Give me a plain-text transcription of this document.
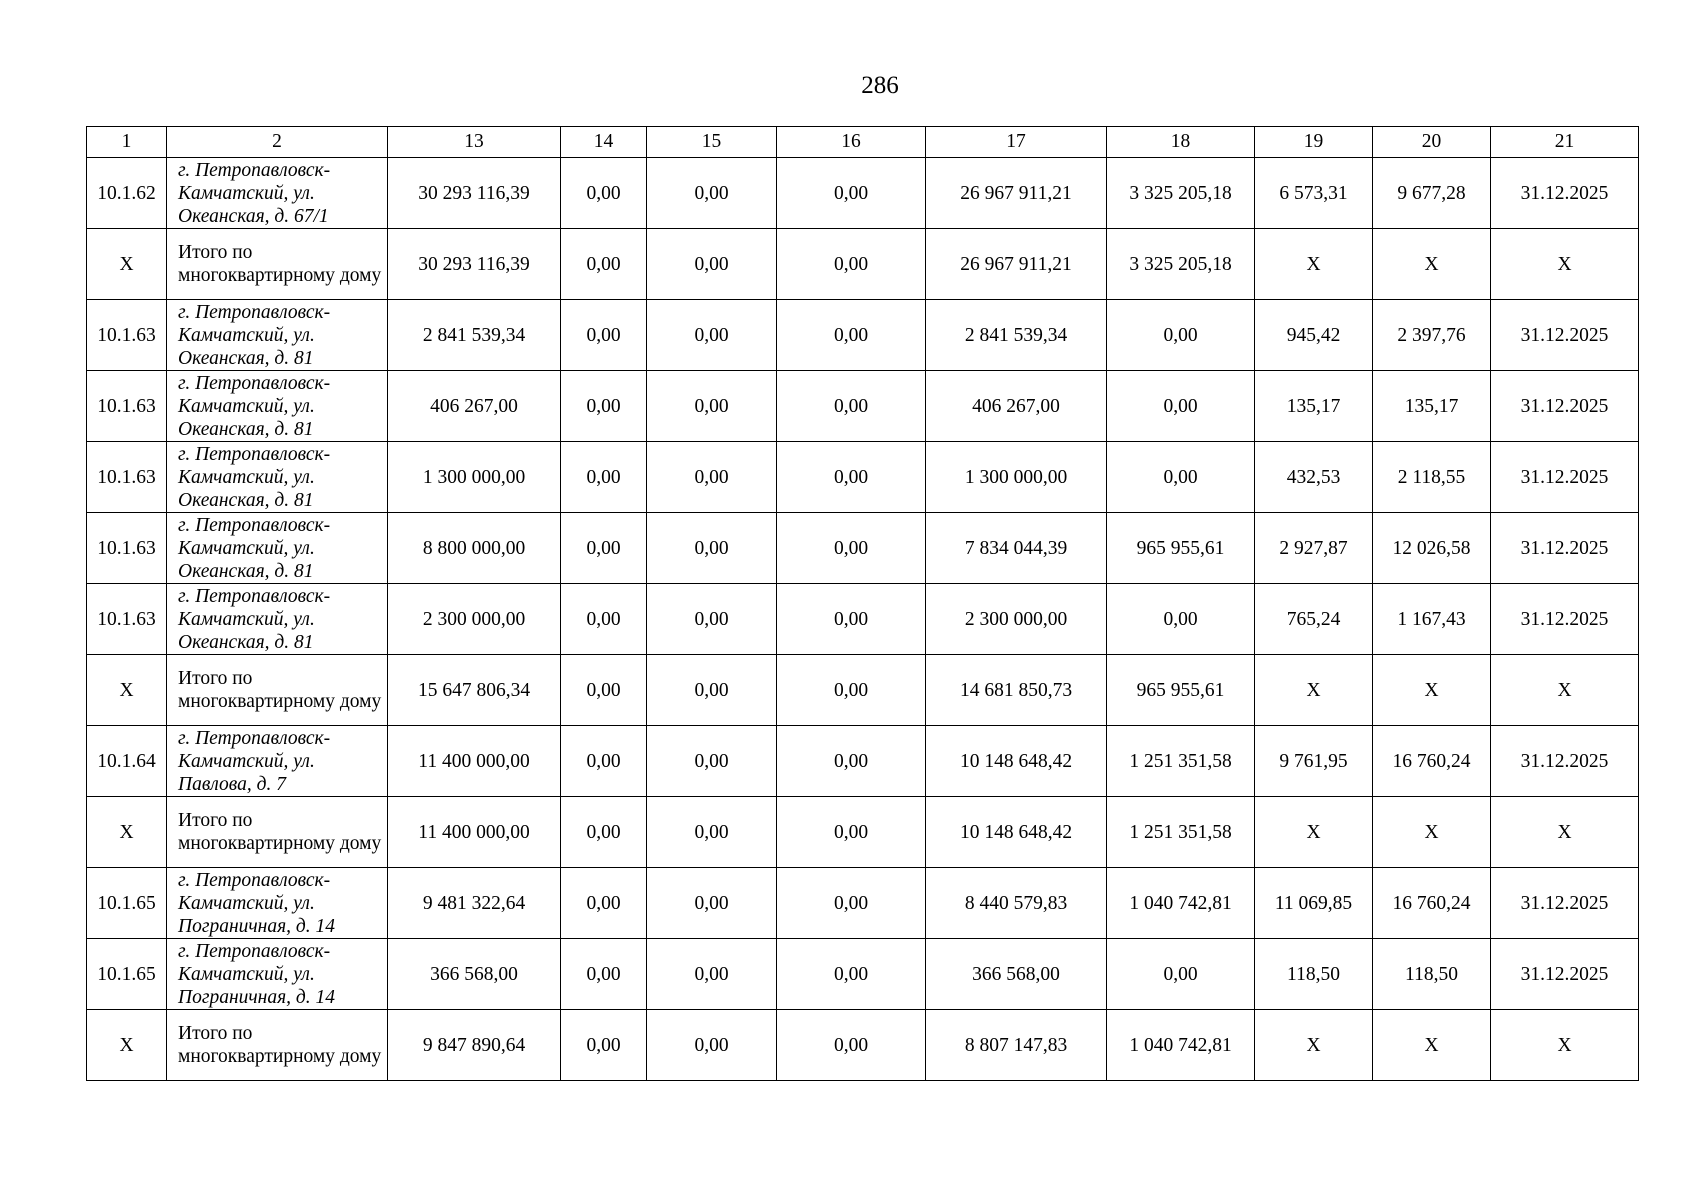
286
1	2	13	14	15	16	17	18	19	20	21
10.1.62	г. Петропавловск-Камчатский, ул. Океанская, д. 67/1	30 293 116,39	0,00	0,00	0,00	26 967 911,21	3 325 205,18	6 573,31	9 677,28	31.12.2025
Х	Итого по многоквартирному дому	30 293 116,39	0,00	0,00	0,00	26 967 911,21	3 325 205,18	Х	Х	Х
10.1.63	г. Петропавловск-Камчатский, ул. Океанская, д. 81	2 841 539,34	0,00	0,00	0,00	2 841 539,34	0,00	945,42	2 397,76	31.12.2025
10.1.63	г. Петропавловск-Камчатский, ул. Океанская, д. 81	406 267,00	0,00	0,00	0,00	406 267,00	0,00	135,17	135,17	31.12.2025
10.1.63	г. Петропавловск-Камчатский, ул. Океанская, д. 81	1 300 000,00	0,00	0,00	0,00	1 300 000,00	0,00	432,53	2 118,55	31.12.2025
10.1.63	г. Петропавловск-Камчатский, ул. Океанская, д. 81	8 800 000,00	0,00	0,00	0,00	7 834 044,39	965 955,61	2 927,87	12 026,58	31.12.2025
10.1.63	г. Петропавловск-Камчатский, ул. Океанская, д. 81	2 300 000,00	0,00	0,00	0,00	2 300 000,00	0,00	765,24	1 167,43	31.12.2025
Х	Итого по многоквартирному дому	15 647 806,34	0,00	0,00	0,00	14 681 850,73	965 955,61	Х	Х	Х
10.1.64	г. Петропавловск-Камчатский, ул. Павлова, д. 7	11 400 000,00	0,00	0,00	0,00	10 148 648,42	1 251 351,58	9 761,95	16 760,24	31.12.2025
Х	Итого по многоквартирному дому	11 400 000,00	0,00	0,00	0,00	10 148 648,42	1 251 351,58	Х	Х	Х
10.1.65	г. Петропавловск-Камчатский, ул. Пограничная, д. 14	9 481 322,64	0,00	0,00	0,00	8 440 579,83	1 040 742,81	11 069,85	16 760,24	31.12.2025
10.1.65	г. Петропавловск-Камчатский, ул. Пограничная, д. 14	366 568,00	0,00	0,00	0,00	366 568,00	0,00	118,50	118,50	31.12.2025
Х	Итого по многоквартирному дому	9 847 890,64	0,00	0,00	0,00	8 807 147,83	1 040 742,81	Х	Х	Х
